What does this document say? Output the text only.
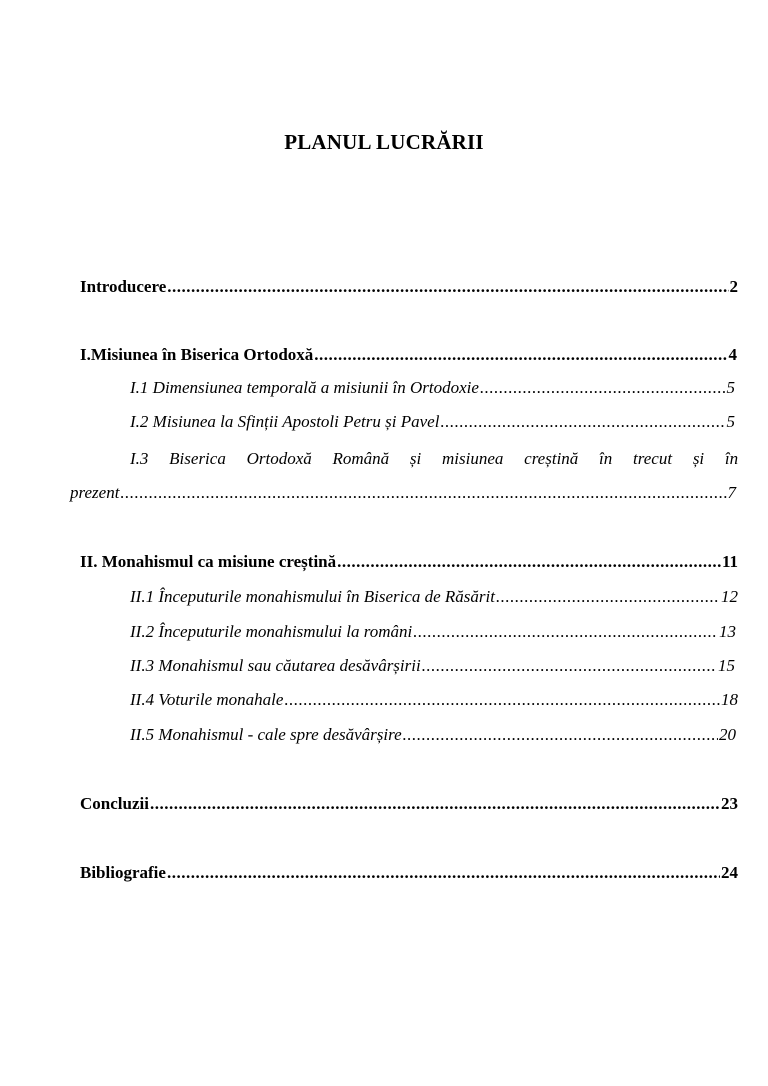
PLANUL LUCRĂRII
Introducere .....	2
I.Misiunea în Biserica Ortodoxă .....	4
I.1 Dimensiunea temporală a misiunii în Ortodoxie .....	5
I.2 Misiunea la Sfinții Apostoli Petru și Pavel .....	5
I.3 Biserica Ortodoxă Română și misiunea creștină în trecut și în
prezent .....	7
II. Monahismul ca misiune creștină .....	11
II.1 Începuturile monahismului în Biserica de Răsărit .....	12
II.2 Începuturile monahismului la români .....	13
II.3 Monahismul sau căutarea desăvârșirii .....	15
II.4 Voturile monahale .....	18
II.5 Monahismul - cale spre desăvârșire .....	20
Concluzii .....	23
Bibliografie .....	24
